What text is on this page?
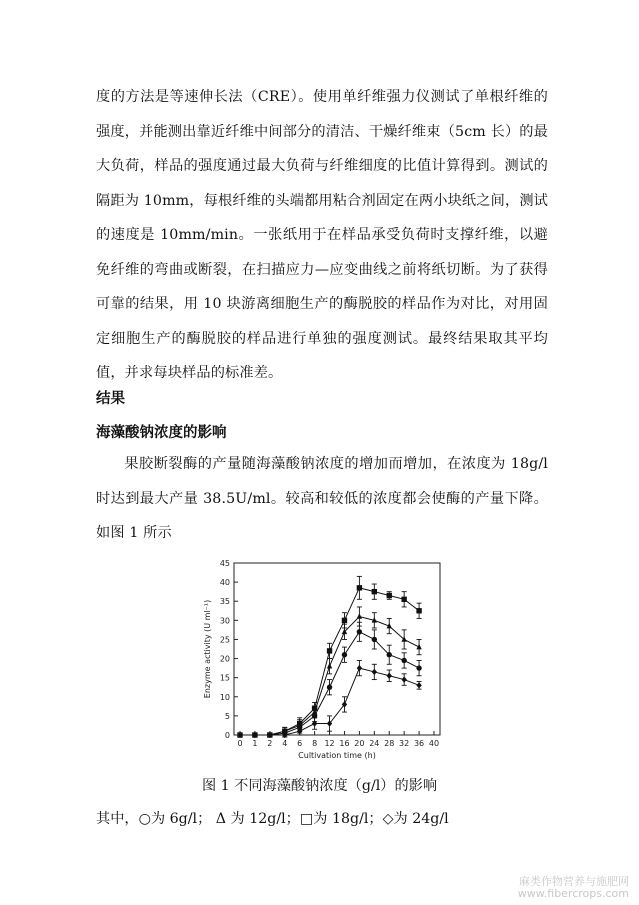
度的方法是等速伸长法（CRE）。使用单纤维强力仪测试了单根纤维的强度，并能测出靠近纤维中间部分的清洁、干燥纤维束（5cm 长）的最大负荷，样品的强度通过最大负荷与纤维细度的比值计算得到。测试的隔距为 10mm，每根纤维的头端都用粘合剂固定在两小块纸之间，测试的速度是 10mm/min。一张纸用于在样品承受负荷时支撑纤维，以避免纤维的弯曲或断裂，在扫描应力—应变曲线之前将纸切断。为了获得可靠的结果，用 10 块游离细胞生产的酶脱胶的样品作为对比，对用固定细胞生产的酶脱胶的样品进行单独的强度测试。最终结果取其平均值，并求每块样品的标准差。
结果
海藻酸钠浓度的影响
果胶断裂酶的产量随海藻酸钠浓度的增加而增加，在浓度为 18g/l 时达到最大产量 38.5U/ml。较高和较低的浓度都会使酶的产量下降。如图 1 所示
0
5
10
15
20
25
30
35
40
45
0 1 2 4 6 8 12 16 20 24 28 32 36 40
Cultivation time (h)
Enzyme activity (U ml⁻¹)
图 1 不同海藻酸钠浓度（g/l）的影响
其中，○为 6g/l； Δ 为 12g/l；□为 18g/l；◇为 24g/l
麻类作物营养与施肥网
www.fibercrops.com
